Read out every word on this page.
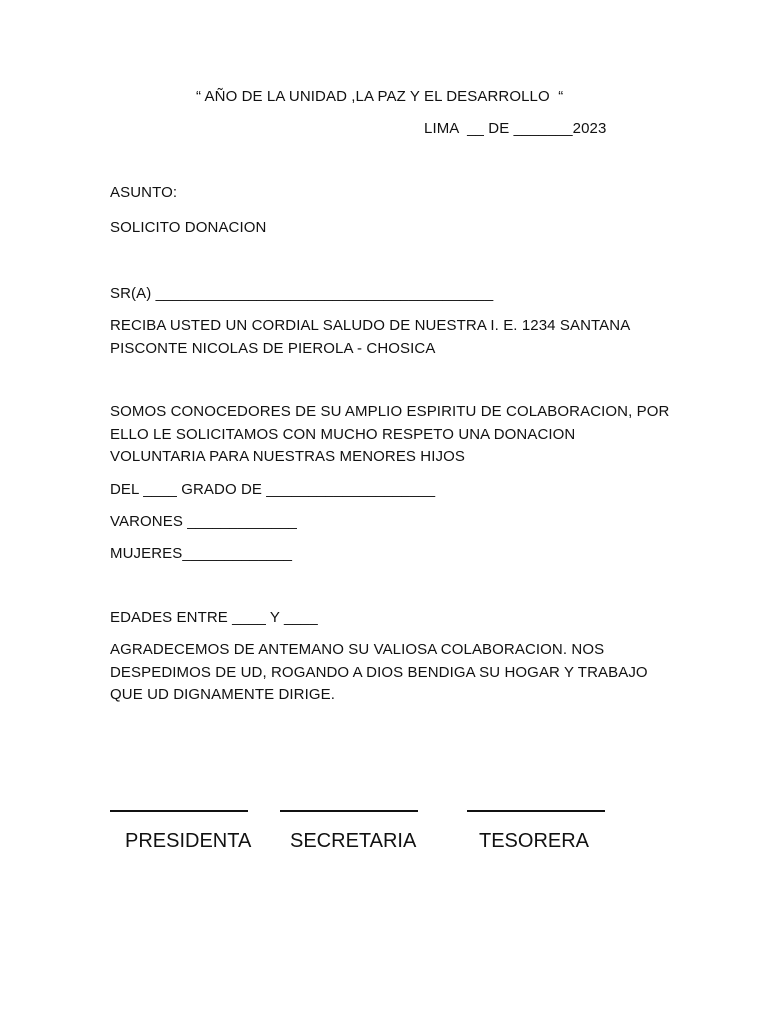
“ AÑO DE LA UNIDAD ,LA PAZ Y EL DESARROLLO  “
LIMA  __ DE _______2023
ASUNTO:
SOLICITO DONACION
SR(A) ________________________________________
RECIBA USTED UN CORDIAL SALUDO DE NUESTRA I. E. 1234 SANTANA PISCONTE NICOLAS DE PIEROLA - CHOSICA
SOMOS CONOCEDORES DE SU AMPLIO ESPIRITU DE COLABORACION, POR ELLO LE SOLICITAMOS CON MUCHO RESPETO UNA DONACION VOLUNTARIA PARA NUESTRAS MENORES HIJOS
DEL ____ GRADO DE ____________________
VARONES _____________
MUJERES_____________
EDADES ENTRE ____ Y ____
AGRADECEMOS DE ANTEMANO SU VALIOSA COLABORACION. NOS DESPEDIMOS DE UD, ROGANDO A DIOS BENDIGA SU HOGAR Y TRABAJO QUE UD DIGNAMENTE DIRIGE.
PRESIDENTA SECRETARIA	TESORERA
